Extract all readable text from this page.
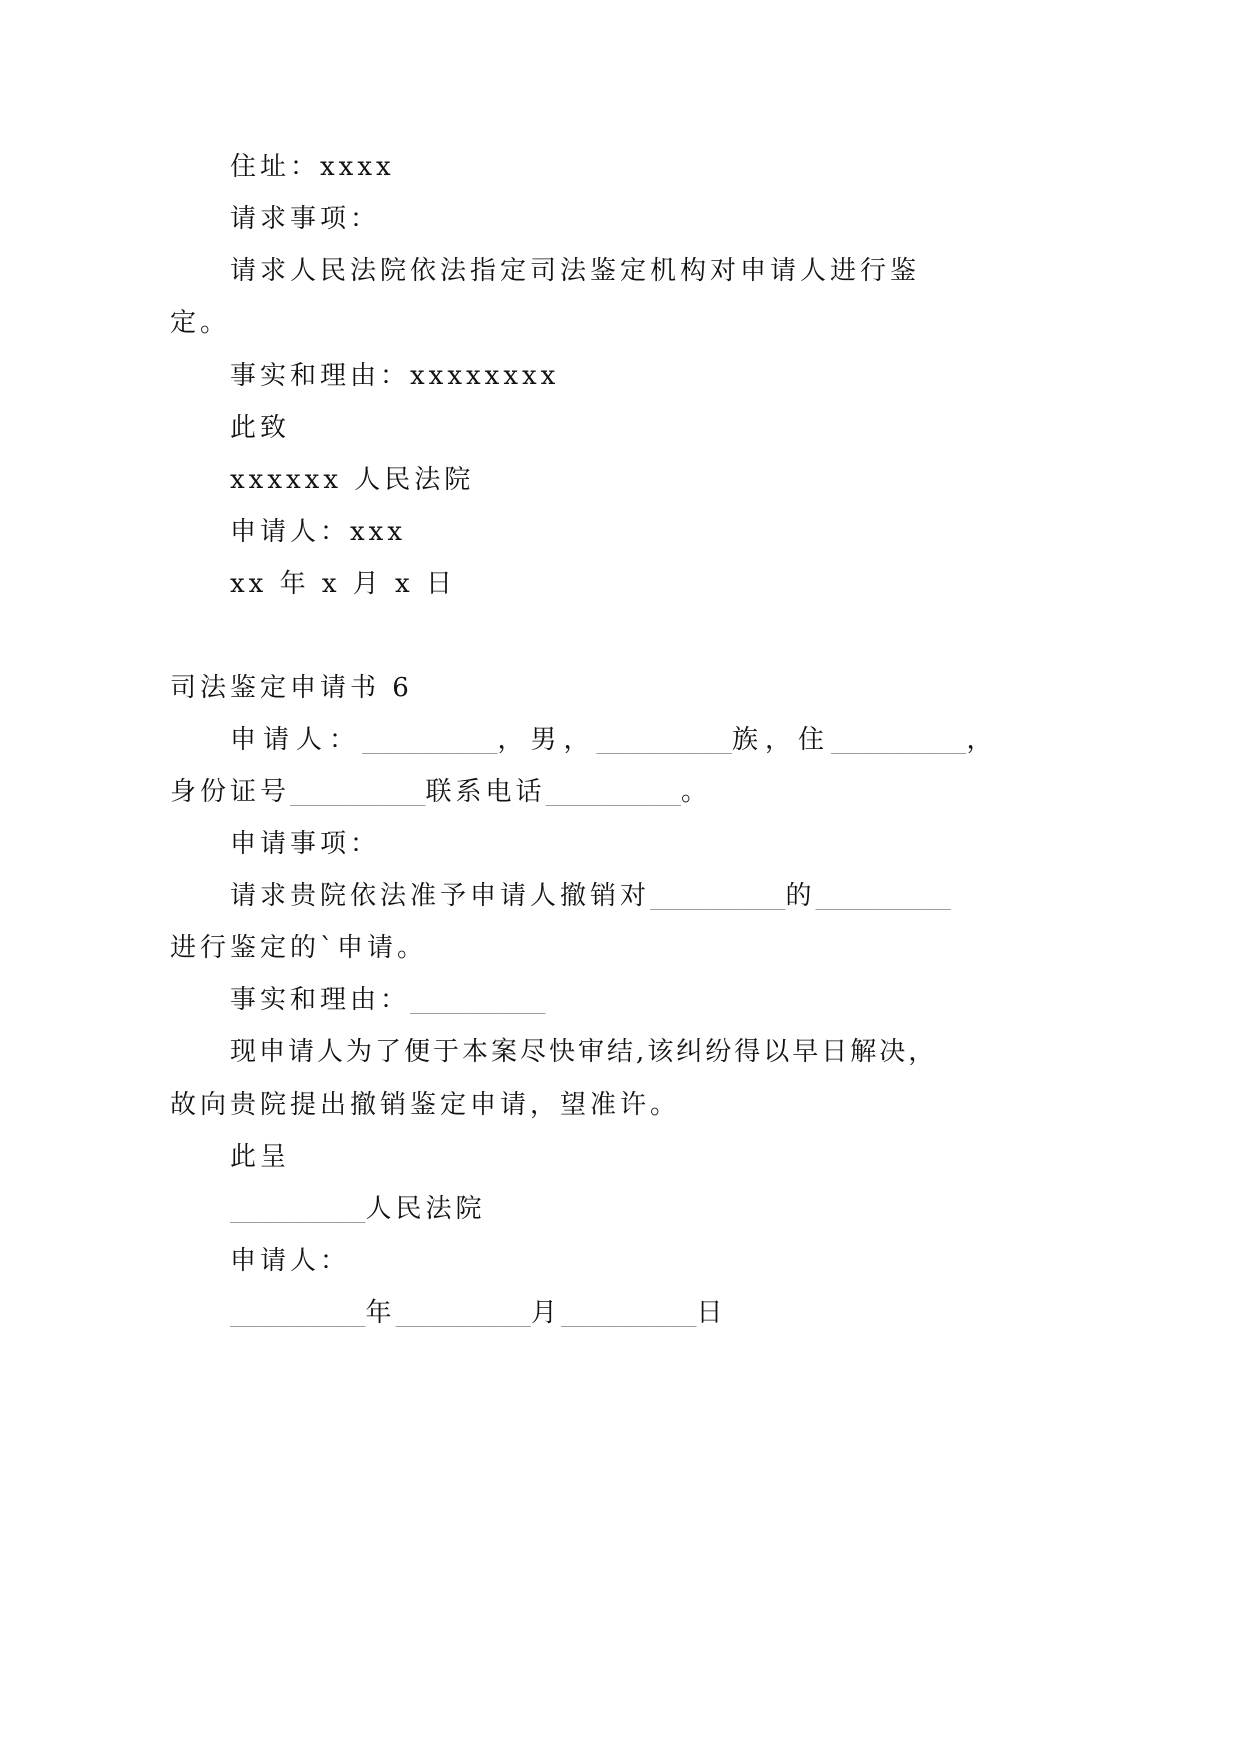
住址：xxxx
请求事项：
请求人民法院依法指定司法鉴定机构对申请人进行鉴
定。
事实和理由：xxxxxxxx
此致
xxxxxx 人民法院
申请人：xxx
xx 年 x 月 x 日
司法鉴定申请书 6
申请人：_________，男，_________族，住_________，
身份证号_________联系电话_________。
申请事项：
请求贵院依法准予申请人撤销对_________的_________
进行鉴定的`申请。
事实和理由：_________
现申请人为了便于本案尽快审结,该纠纷得以早日解决，
故向贵院提出撤销鉴定申请，望准许。
此呈
_________人民法院
申请人：
_________年_________月_________日
